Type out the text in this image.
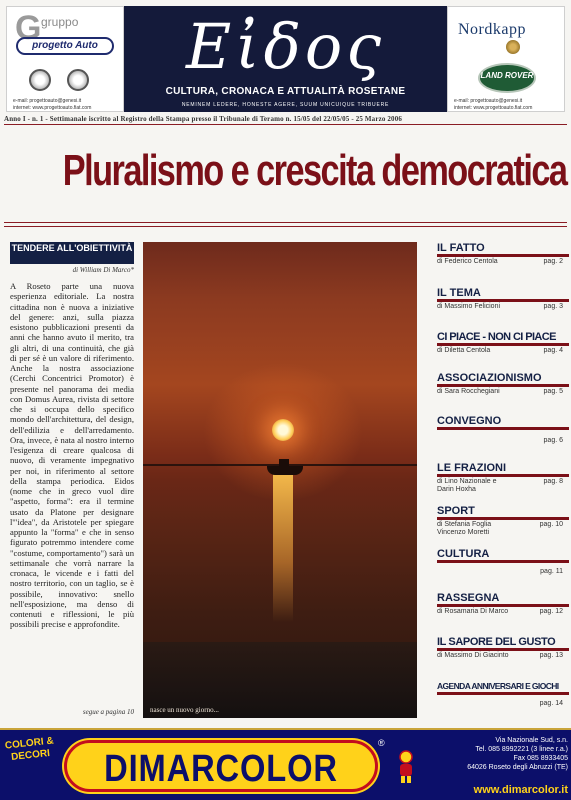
G gruppo
progetto Auto
e-mail: progettoauto@genesi.it
internet: www.progettoauto.fiat.com
Εἰδος
CULTURA, CRONACA E ATTUALITÀ ROSETANE
NEMINEM LEDERE, HONESTE AGERE, SUUM UNICUIQUE TRIBUERE
Nordkapp
LAND ROVER
e-mail: progettoauto@genesi.it
internet: www.progettoauto.fiat.com
Anno I - n. 1 - Settimanale iscritto al Registro della Stampa presso il Tribunale di Teramo n. 15/05 del 22/05/05 - 25 Marzo 2006
Pluralismo e crescita democratica
TENDERE ALL'OBIETTIVITÀ
di William Di Marco*
A Roseto parte una nuova esperienza editoriale. La nostra cittadina non è nuova a iniziative del genere: anzi, sulla piazza esistono pubblicazioni presenti da anni che hanno avuto il merito, tra gli altri, di una continuità, che già di per sé è un valore di riferimento. Anche la nostra associazione (Cerchi Concentrici Promotor) è presente nel panorama dei media con Domus Aurea, rivista di settore che si occupa dello specifico mondo dell'architettura, del design, dell'edilizia e dell'arredamento. Ora, invece, è nata al nostro interno l'esigenza di creare qualcosa di nuovo, di veramente impegnativo per noi, in riferimento al settore della stampa periodica. Eidos (nome che in greco vuol dire "aspetto, forma": era il termine usato da Platone per designare l'"idea", da Aristotele per spiegare appunto la "forma" e che in senso figurato potremmo intendere come "costume, comportamento") sarà un settimanale che vorrà narrare la cronaca, le vicende e i fatti del nostro territorio, con un taglio, se è possibile, innovativo: snello nell'esposizione, ma denso di contenuti e riflessioni, le più possibili precise e approfondite.
segue a pagina 10 nasce un nuovo giorno...
IL FATTO
di Federico Centola	pag. 2
IL TEMA
di Massimo Felicioni	pag. 3
CI PIACE - NON CI PIACE
di Diletta Centola	pag. 4
ASSOCIAZIONISMO
di Sara Rocchegiani	pag. 5
CONVEGNO
pag. 6
LE FRAZIONI
di Lino Nazionale e Darin Hoxha
pag. 8
SPORT
di Stefania Foglia Vincenzo Moretti
pag. 10
CULTURA
pag. 11
RASSEGNA
di Rosamaria Di Marco	pag. 12
IL SAPORE DEL GUSTO
di Massimo Di Giacinto	pag. 13
AGENDA ANNIVERSARI E GIOCHI
pag. 14
COLORI & DECORI	DIMARCOLOR
®	Via Nazionale Sud, s.n.
Tel. 085 8992221 (3 linee r.a.)
Fax 085 8933405
64026 Roseto degli Abruzzi (TE)
www.dimarcolor.it
